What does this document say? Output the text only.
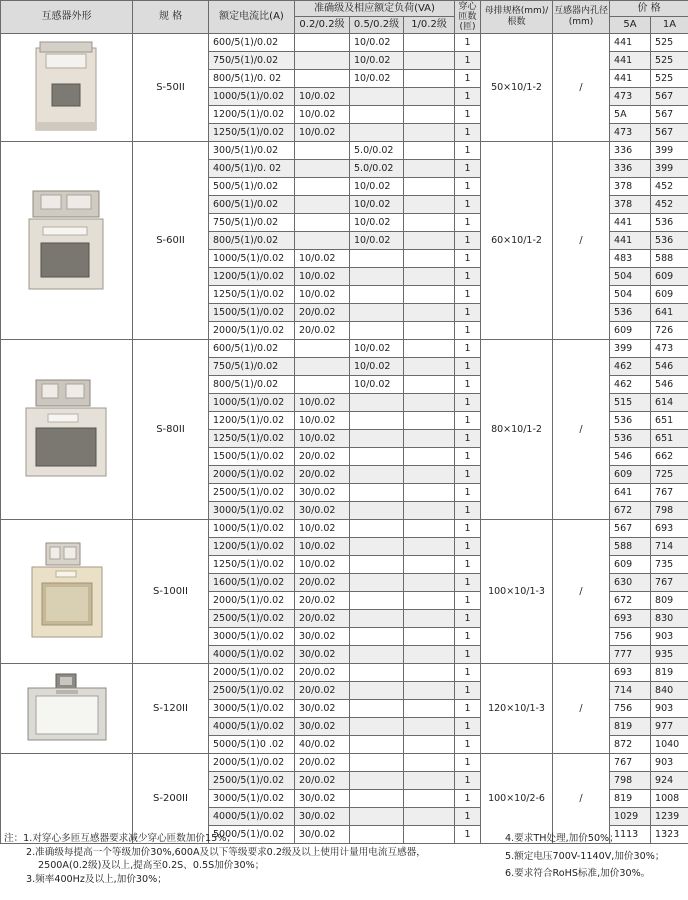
互感器外形	规 格	额定电流比(A)	准确级及相应额定负荷(VA)			穿心匝数(匝)	母排规格(mm)/根数	互感器内孔径(mm)	价 格	
			0.2/0.2级	0.5/0.2级	1/0.2级				5A	1A
	S-50II	600/5(1)/0.02		10/0.02		1	50×10/1-2	/	441	525
		750/5(1)/0.02		10/0.02		1			441	525
		800/5(1)/0. 02		10/0.02		1			441	525
		1000/5(1)/0.02	10/0.02			1			473	567
		1200/5(1)/0.02	10/0.02			1			5A	567
		1250/5(1)/0.02	10/0.02			1			473	567
	S-60II	300/5(1)/0.02		5.0/0.02		1	60×10/1-2	/	336	399
		400/5(1)/0. 02		5.0/0.02		1			336	399
		500/5(1)/0.02		10/0.02		1			378	452
		600/5(1)/0.02		10/0.02		1			378	452
		750/5(1)/0.02		10/0.02		1			441	536
		800/5(1)/0.02		10/0.02		1			441	536
		1000/5(1)/0.02	10/0.02			1			483	588
		1200/5(1)/0.02	10/0.02			1			504	609
		1250/5(1)/0.02	10/0.02			1			504	609
		1500/5(1)/0.02	20/0.02			1			536	641
		2000/5(1)/0.02	20/0.02			1			609	726
	S-80II	600/5(1)/0.02		10/0.02		1	80×10/1-2	/	399	473
		750/5(1)/0.02		10/0.02		1			462	546
		800/5(1)/0.02		10/0.02		1			462	546
		1000/5(1)/0.02	10/0.02			1			515	614
		1200/5(1)/0.02	10/0.02			1			536	651
		1250/5(1)/0.02	10/0.02			1			536	651
		1500/5(1)/0.02	20/0.02			1			546	662
		2000/5(1)/0.02	20/0.02			1			609	725
		2500/5(1)/0.02	30/0.02			1			641	767
		3000/5(1)/0.02	30/0.02			1			672	798
	S-100II	1000/5(1)/0.02	10/0.02			1	100×10/1-3	/	567	693
		1200/5(1)/0.02	10/0.02			1			588	714
		1250/5(1)/0.02	10/0.02			1			609	735
		1600/5(1)/0.02	20/0.02			1			630	767
		2000/5(1)/0.02	20/0.02			1			672	809
		2500/5(1)/0.02	20/0.02			1			693	830
		3000/5(1)/0.02	30/0.02			1			756	903
		4000/5(1)/0.02	30/0.02			1			777	935
	S-120II	2000/5(1)/0.02	20/0.02			1	120×10/1-3	/	693	819
		2500/5(1)/0.02	20/0.02			1			714	840
		3000/5(1)/0.02	30/0.02			1			756	903
		4000/5(1)/0.02	30/0.02			1			819	977
		5000/5(1)0 .02	40/0.02			1			872	1040
	S-200II	2000/5(1)/0.02	20/0.02			1	100×10/2-6	/	767	903
		2500/5(1)/0.02	20/0.02			1			798	924
		3000/5(1)/0.02	30/0.02			1			819	1008
		4000/5(1)/0.02	30/0.02			1			1029	1239
		5000/5(1)/0.02	30/0.02			1			1113	1323
注：1.对穿心多匝互感器要求减少穿心匝数加价15%；
2.准确级每提高一个等级加价30%,600A及以下等级要求0.2级及以上使用计量用电流互感器，
2500A(0.2级)及以上,提高至0.2S、0.5S加价30%；
3.频率400Hz及以上,加价30%；
4.要求TH处理,加价50%；
5.额定电压700V-1140V,加价30%；
6.要求符合RoHS标准,加价30%。
